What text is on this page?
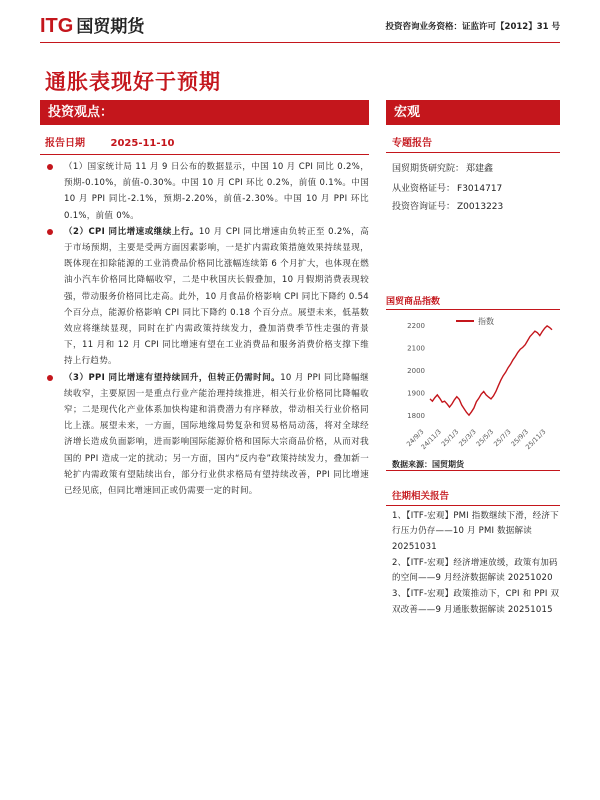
ITG 国贸期货	投资咨询业务资格：证监许可【2012】31 号
通胀表现好于预期
投资观点：	宏观
报告日期	2025-11-10
（1）国家统计局 11 月 9 日公布的数据显示，中国 10 月 CPI 同比 0.2%，预期-0.10%，前值-0.30%。中国 10 月 CPI 环比 0.2%，前值 0.1%。中国 10 月 PPI 同比-2.1%，预期-2.20%，前值-2.30%。中国 10 月 PPI 环比 0.1%，前值 0%。
（2）CPI 同比增速或继续上行。10 月 CPI 同比增速由负转正至 0.2%，高于市场预期，主要是受两方面因素影响，一是扩内需政策措施效果持续显现，既体现在扣除能源的工业消费品价格同比涨幅连续第 6 个月扩大，也体现在燃油小汽车价格同比降幅收窄，二是中秋国庆长假叠加，10 月假期消费表现较强，带动服务价格同比走高。此外，10 月食品价格影响 CPI 同比下降约 0.54 个百分点，能源价格影响 CPI 同比下降约 0.18 个百分点。展望未来，低基数效应将继续显现，同时在扩内需政策持续发力，叠加消费季节性走强的背景下，11 月和 12 月 CPI 同比增速有望在工业消费品和服务消费价格支撑下维持上行趋势。
（3）PPI 同比增速有望持续回升，但转正仍需时间。10 月 PPI 同比降幅继续收窄，主要原因一是重点行业产能治理持续推进，相关行业价格同比降幅收窄；二是现代化产业体系加快构建和消费潜力有序释放，带动相关行业价格同比上涨。展望未来，一方面，国际地缘局势复杂和贸易格局动荡，将对全球经济增长造成负面影响，进而影响国际能源价格和国际大宗商品价格，从而对我国的 PPI 造成一定的扰动；另一方面，国内“反内卷”政策持续发力，叠加新一轮扩内需政策有望陆续出台，部分行业供求格局有望持续改善，PPI 同比增速已经见底，但同比增速回正或仍需要一定的时间。
专题报告
国贸期货研究院： 郑建鑫
从业资格证号： F3014717
投资咨询证号： Z0013223
国贸商品指数
1800
1900
2000
2100
2200
24/9/3
24/11/3
25/1/3
25/3/3
25/5/3
25/7/3
25/9/3
25/11/3
指数
数据来源：国贸期货
往期相关报告
1、【ITF-宏观】PMI 指数继续下滑，经济下行压力仍存——10 月 PMI 数据解读 20251031
2、【ITF-宏观】经济增速放缓，政策有加码的空间——9 月经济数据解读 20251020
3、【ITF-宏观】政策推动下，CPI 和 PPI 双双改善——9 月通胀数据解读 20251015
